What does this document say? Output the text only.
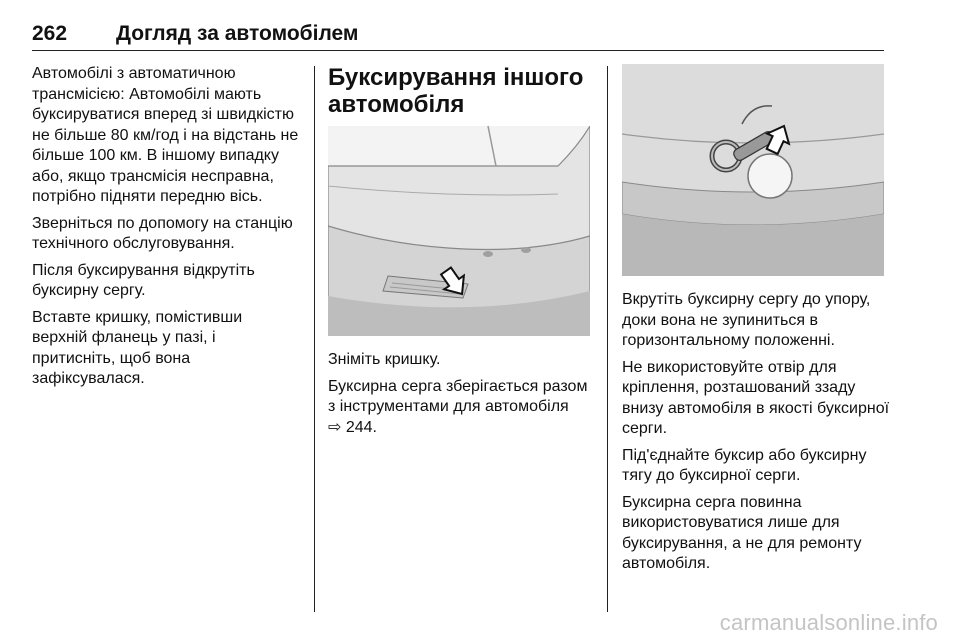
262 Догляд за автомобілем

Автомобілі з автоматичною трансмісією: Автомобілі мають буксируватися вперед зі швидкістю не більше 80 км/год і на відстань не більше 100 км. В іншому випадку або, якщо трансмісія несправна, потрібно підняти передню вісь.

Зверніться по допомогу на станцію технічного обслуговування.

Після буксирування відкрутіть буксирну сергу.

Вставте кришку, помістивши верхній фланець у пазі, і притисніть, щоб вона зафіксувалася.

Буксирування іншого автомобіля

Зніміть кришку.

Буксирна серга зберігається разом з інструментами для автомобіля

⇨ 244.

Вкрутіть буксирну сергу до упору, доки вона не зупиниться в горизонтальному положенні.

Не використовуйте отвір для кріплення, розташований ззаду внизу автомобіля в якості буксирної серги.

Під'єднайте буксир або буксирну тягу до буксирної серги.

Буксирна серга повинна використовуватися лише для буксирування, а не для ремонту автомобіля.

carmanualsonline.info
